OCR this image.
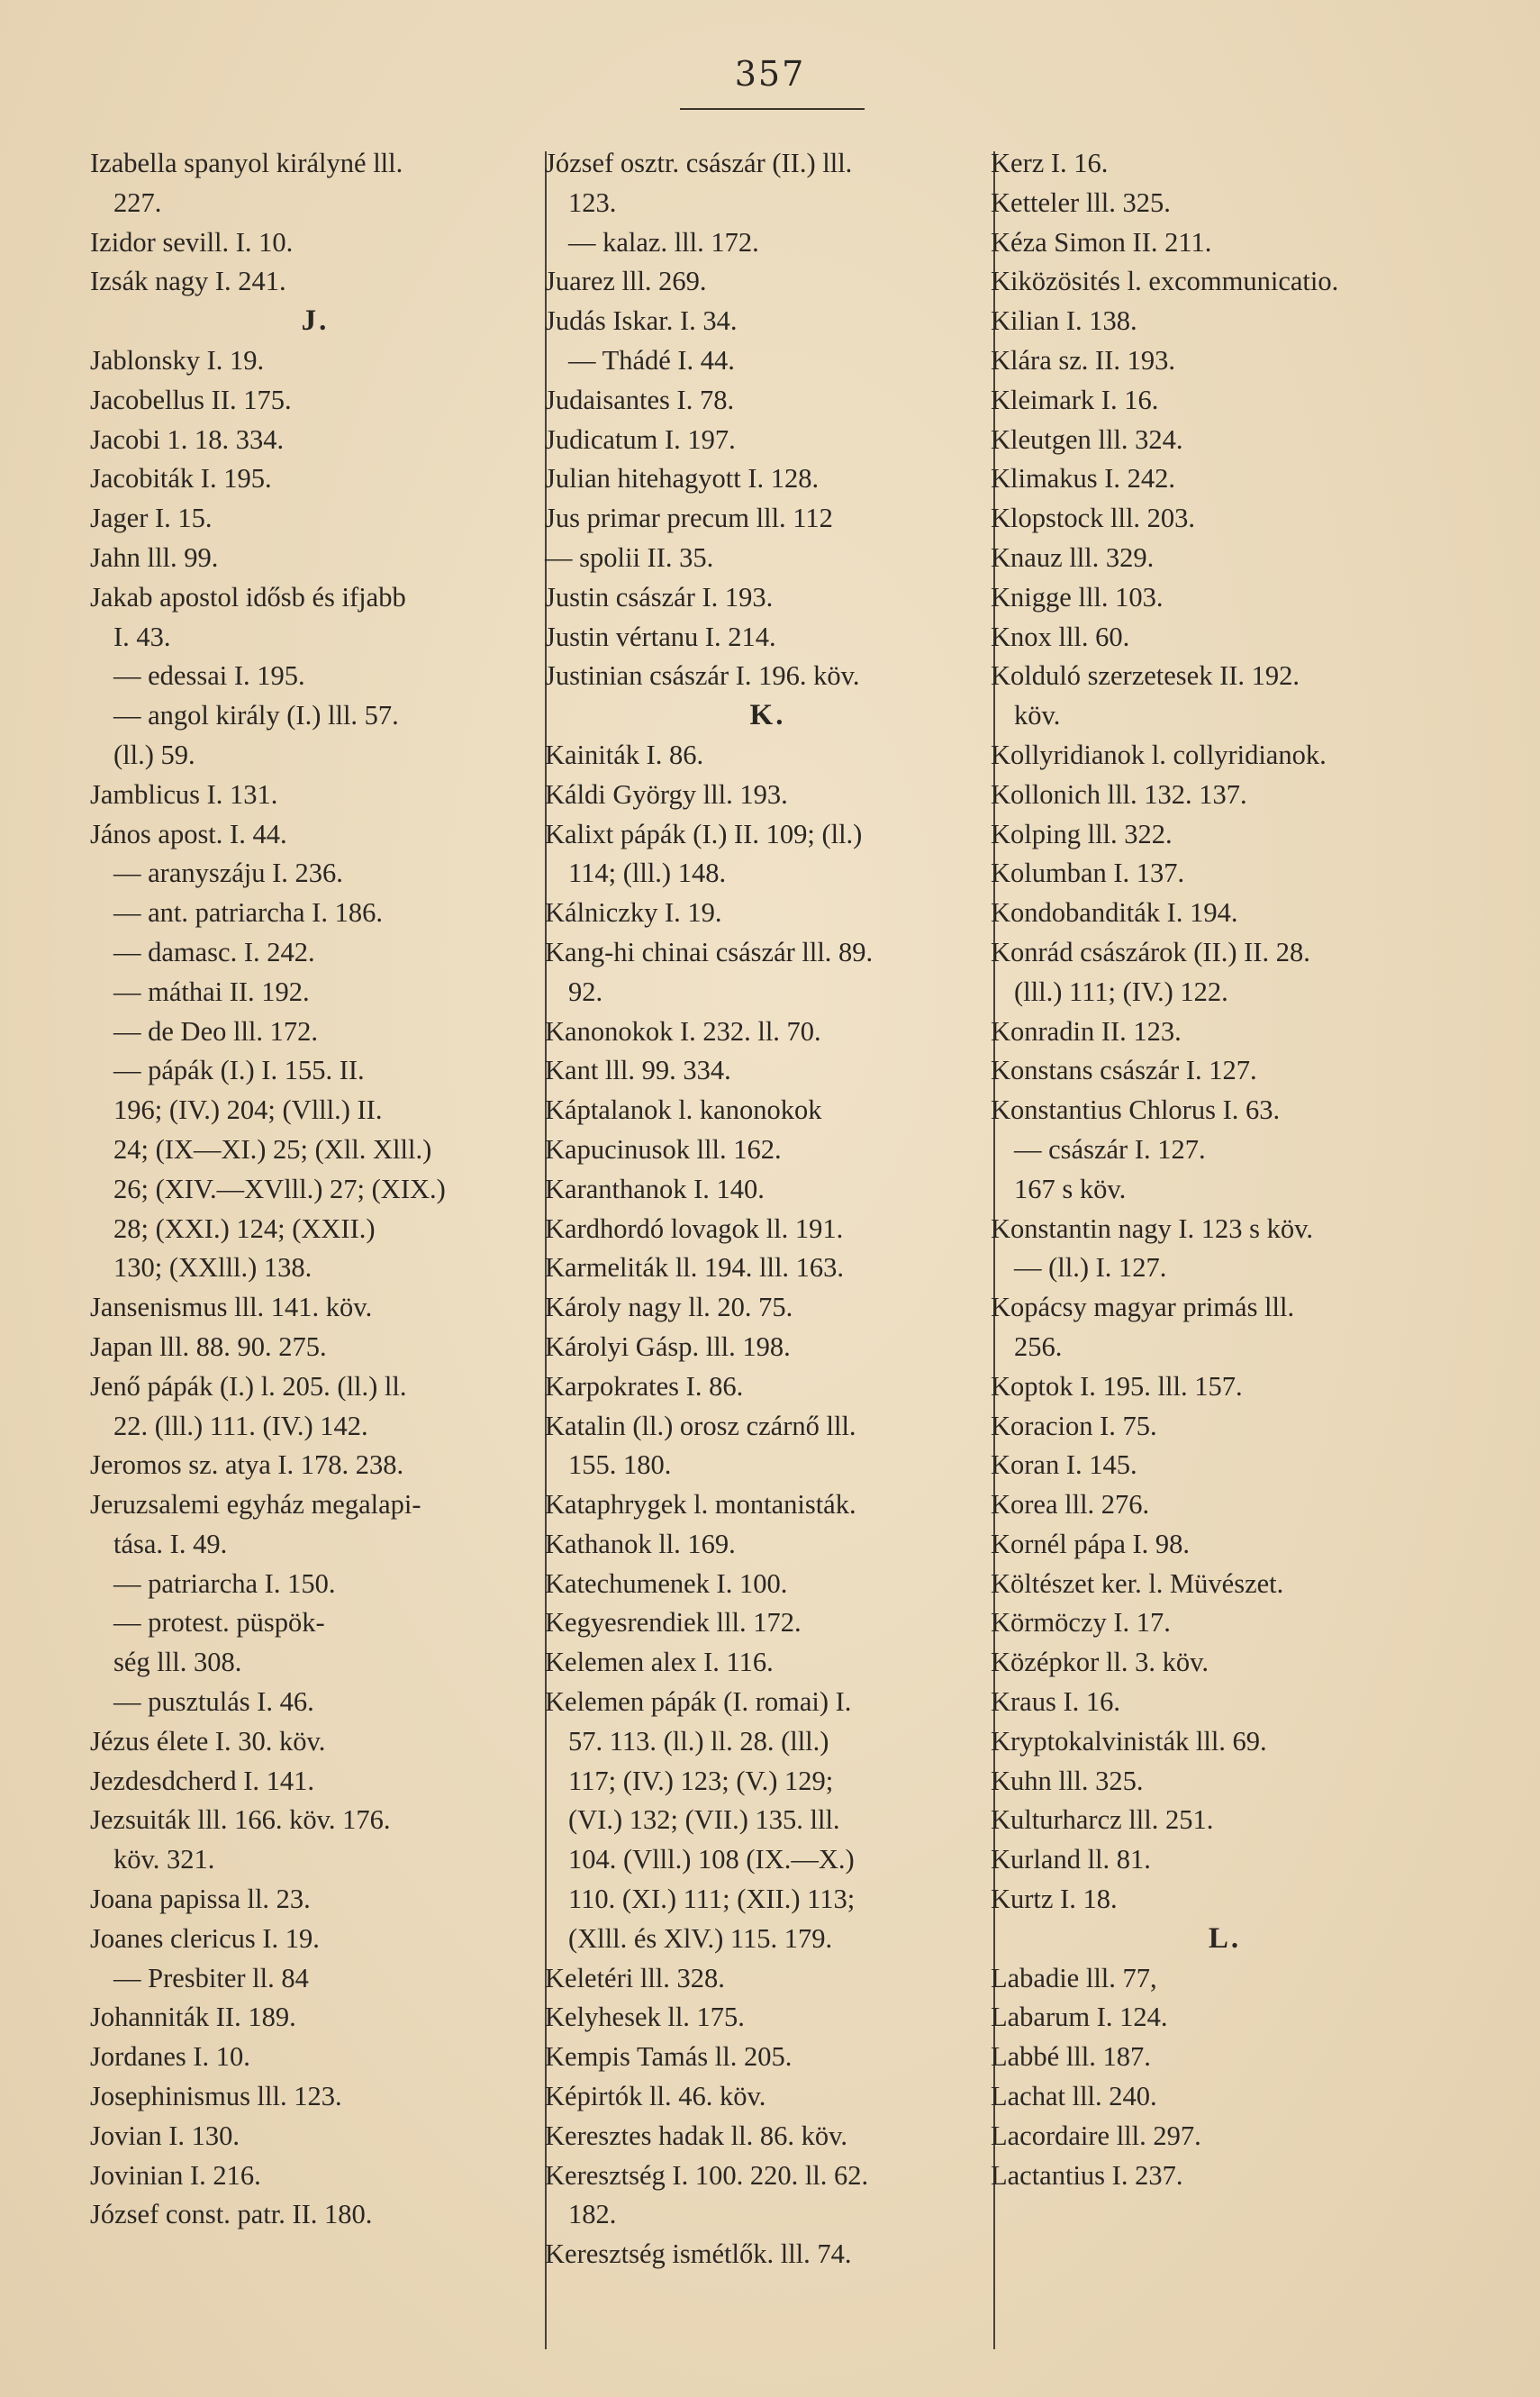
357
Izabella spanyol királyné lll.
227.
Izidor sevill. I. 10.
Izsák nagy I. 241.
J.
Jablonsky I. 19.
Jacobellus II. 175.
Jacobi 1. 18. 334.
Jacobiták I. 195.
Jager I. 15.
Jahn lll. 99.
Jakab apostol idősb és ifjabb
I. 43.
— edessai I. 195.
— angol király (I.) lll. 57.
(ll.) 59.
Jamblicus I. 131.
János apost. I. 44.
— aranyszáju I. 236.
— ant. patriarcha I. 186.
— damasc. I. 242.
— máthai II. 192.
— de Deo lll. 172.
— pápák (I.) I. 155. II.
196; (IV.) 204; (Vlll.) II.
24; (IX—XI.) 25; (Xll. Xlll.)
26; (XIV.—XVlll.) 27; (XIX.)
28; (XXI.) 124; (XXII.)
130; (XXlll.) 138.
Jansenismus lll. 141. köv.
Japan lll. 88. 90. 275.
Jenő pápák (I.) l. 205. (ll.) ll.
22. (lll.) 111. (IV.) 142.
Jeromos sz. atya I. 178. 238.
Jeruzsalemi egyház megalapi-
tása. I. 49.
— patriarcha I. 150.
— protest. püspök-
ség lll. 308.
— pusztulás I. 46.
Jézus élete I. 30. köv.
Jezdesdcherd I. 141.
Jezsuiták lll. 166. köv. 176.
köv. 321.
Joana papissa ll. 23.
Joanes clericus I. 19.
— Presbiter ll. 84
Johanniták II. 189.
Jordanes I. 10.
Josephinismus lll. 123.
Jovian I. 130.
Jovinian I. 216.
József const. patr. II. 180.
József osztr. császár (II.) lll.
123.
— kalaz. lll. 172.
Juarez lll. 269.
Judás Iskar. I. 34.
— Thádé I. 44.
Judaisantes I. 78.
Judicatum I. 197.
Julian hitehagyott I. 128.
Jus primar precum lll. 112
— spolii II. 35.
Justin császár I. 193.
Justin vértanu I. 214.
Justinian császár I. 196. köv.
K.
Kainiták I. 86.
Káldi György lll. 193.
Kalixt pápák (I.) II. 109; (ll.)
114; (lll.) 148.
Kálniczky I. 19.
Kang-hi chinai császár lll. 89.
92.
Kanonokok I. 232. ll. 70.
Kant lll. 99. 334.
Káptalanok l. kanonokok
Kapucinusok lll. 162.
Karanthanok I. 140.
Kardhordó lovagok ll. 191.
Karmeliták ll. 194. lll. 163.
Károly nagy ll. 20. 75.
Károlyi Gásp. lll. 198.
Karpokrates I. 86.
Katalin (ll.) orosz czárnő lll.
155. 180.
Kataphrygek l. montanisták.
Kathanok ll. 169.
Katechumenek I. 100.
Kegyesrendiek lll. 172.
Kelemen alex I. 116.
Kelemen pápák (I. romai) I.
57. 113. (ll.) ll. 28. (lll.)
117; (IV.) 123; (V.) 129;
(VI.) 132; (VII.) 135. lll.
104. (Vlll.) 108 (IX.—X.)
110. (XI.) 111; (XII.) 113;
(Xlll. és XlV.) 115. 179.
Keletéri lll. 328.
Kelyhesek ll. 175.
Kempis Tamás ll. 205.
Képirtók ll. 46. köv.
Keresztes hadak ll. 86. köv.
Keresztség I. 100. 220. ll. 62.
182.
Keresztség ismétlők. lll. 74.
Kerz I. 16.
Ketteler lll. 325.
Kéza Simon II. 211.
Kiközösités l. excommunicatio.
Kilian I. 138.
Klára sz. II. 193.
Kleimark I. 16.
Kleutgen lll. 324.
Klimakus I. 242.
Klopstock lll. 203.
Knauz lll. 329.
Knigge lll. 103.
Knox lll. 60.
Kolduló szerzetesek II. 192.
köv.
Kollyridianok l. collyridianok.
Kollonich lll. 132. 137.
Kolping lll. 322.
Kolumban I. 137.
Kondobanditák I. 194.
Konrád császárok (II.) II. 28.
(lll.) 111; (IV.) 122.
Konradin II. 123.
Konstans császár I. 127.
Konstantius Chlorus I. 63.
— császár I. 127.
167 s köv.
Konstantin nagy I. 123 s köv.
— (ll.) I. 127.
Kopácsy magyar primás lll.
256.
Koptok I. 195. lll. 157.
Koracion I. 75.
Koran I. 145.
Korea lll. 276.
Kornél pápa I. 98.
Költészet ker. l. Müvészet.
Körmöczy I. 17.
Középkor ll. 3. köv.
Kraus I. 16.
Kryptokalvinisták lll. 69.
Kuhn lll. 325.
Kulturharcz lll. 251.
Kurland ll. 81.
Kurtz I. 18.
L.
Labadie lll. 77,
Labarum I. 124.
Labbé lll. 187.
Lachat lll. 240.
Lacordaire lll. 297.
Lactantius I. 237.
